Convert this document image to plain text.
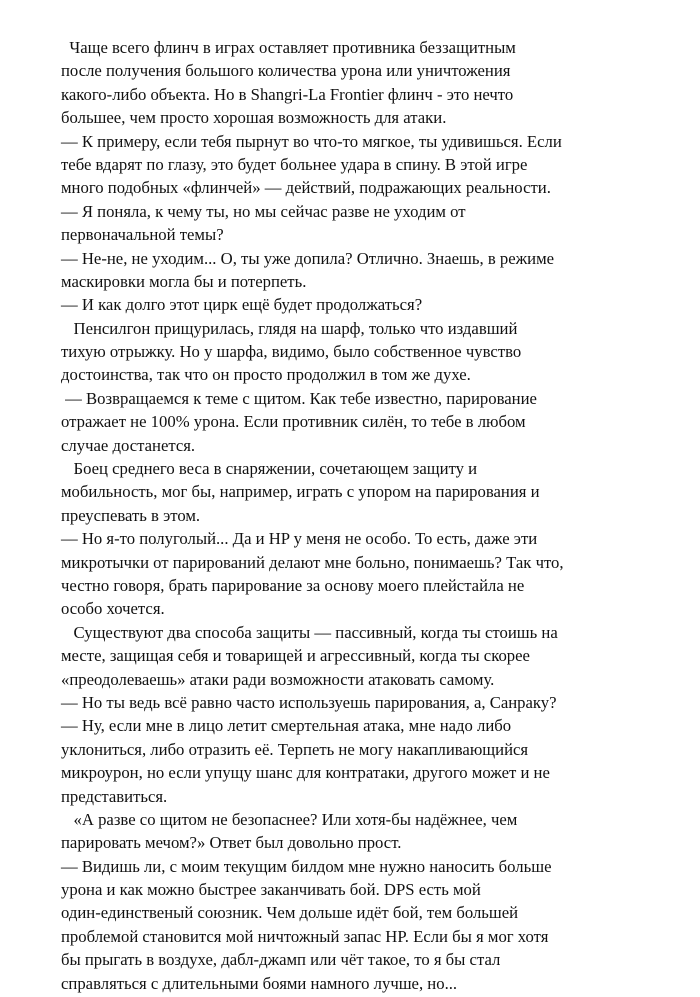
Чаще всего флинч в играх оставляет противника беззащитным
после получения большого количества урона или уничтожения
какого-либо объекта. Но в Shangri-La Frontier флинч - это нечто
большее, чем просто хорошая возможность для атаки.
— К примеру, если тебя пырнут во что-то мягкое, ты удивишься. Если
тебе вдарят по глазу, это будет больнее удара в спину. В этой игре
много подобных «флинчей» — действий, подражающих реальности.
— Я поняла, к чему ты, но мы сейчас разве не уходим от
первоначальной темы?
— Не-не, не уходим... О, ты уже допила? Отлично. Знаешь, в режиме
маскировки могла бы и потерпеть.
— И как долго этот цирк ещё будет продолжаться?
Пенсилгон прищурилась, глядя на шарф, только что издавший
тихую отрыжку. Но у шарфа, видимо, было собственное чувство
достоинства, так что он просто продолжил в том же духе.
— Возвращаемся к теме с щитом. Как тебе известно, парирование
отражает не 100% урона. Если противник силён, то тебе в любом
случае достанется.
Боец среднего веса в снаряжении, сочетающем защиту и
мобильность, мог бы, например, играть с упором на парирования и
преуспевать в этом.
— Но я-то полуголый... Да и HP у меня не особо. То есть, даже эти
микротычки от парирований делают мне больно, понимаешь? Так что,
честно говоря, брать парирование за основу моего плейстайла не
особо хочется.
Существуют два способа защиты — пассивный, когда ты стоишь на
месте, защищая себя и товарищей и агрессивный, когда ты скорее
«преодолеваешь» атаки ради возможности атаковать самому.
— Но ты ведь всё равно часто используешь парирования, а, Санраку?
— Ну, если мне в лицо летит смертельная атака, мне надо либо
уклониться, либо отразить её. Терпеть не могу накапливающийся
микроурон, но если упущу шанс для контратаки, другого может и не
представиться.
«А разве со щитом не безопаснее? Или хотя-бы надёжнее, чем
парировать мечом?» Ответ был довольно прост.
— Видишь ли, с моим текущим билдом мне нужно наносить больше
урона и как можно быстрее заканчивать бой. DPS есть мой
один-единственый союзник. Чем дольше идёт бой, тем большей
проблемой становится мой ничтожный запас HP. Если бы я мог хотя
бы прыгать в воздухе, дабл-джамп или чёт такое, то я бы стал
справляться с длительными боями намного лучше, но...
